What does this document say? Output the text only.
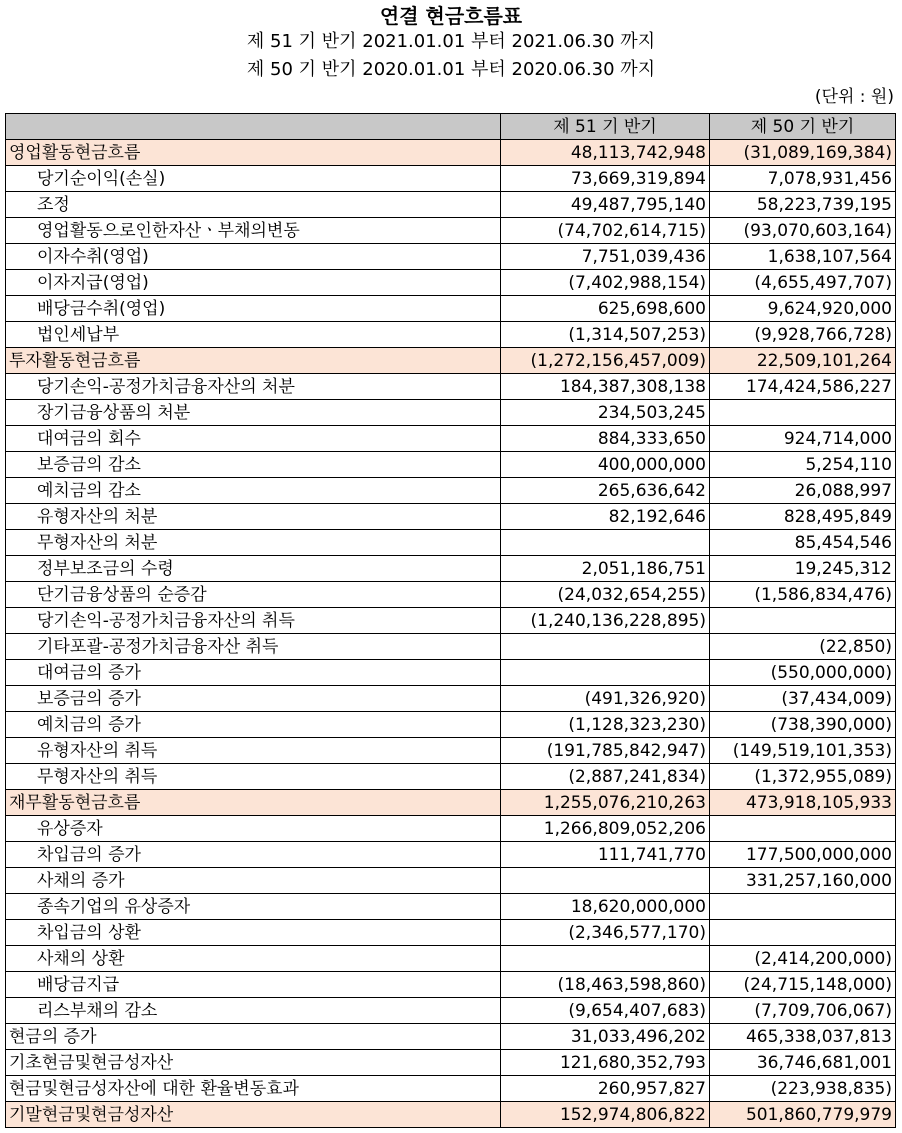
연결 현금흐름표
제 51 기 반기 2021.01.01 부터 2021.06.30 까지
제 50 기 반기 2020.01.01 부터 2020.06.30 까지
(단위 : 원)
	제 51 기 반기	제 50 기 반기
영업활동현금흐름	48,113,742,948	(31,089,169,384)
당기순이익(손실)	73,669,319,894	7,078,931,456
조정	49,487,795,140	58,223,739,195
영업활동으로인한자산ㆍ부채의변동	(74,702,614,715)	(93,070,603,164)
이자수취(영업)	7,751,039,436	1,638,107,564
이자지급(영업)	(7,402,988,154)	(4,655,497,707)
배당금수취(영업)	625,698,600	9,624,920,000
법인세납부	(1,314,507,253)	(9,928,766,728)
투자활동현금흐름	(1,272,156,457,009)	22,509,101,264
당기손익-공정가치금융자산의 처분	184,387,308,138	174,424,586,227
장기금융상품의 처분	234,503,245	
대여금의 회수	884,333,650	924,714,000
보증금의 감소	400,000,000	5,254,110
예치금의 감소	265,636,642	26,088,997
유형자산의 처분	82,192,646	828,495,849
무형자산의 처분		85,454,546
정부보조금의 수령	2,051,186,751	19,245,312
단기금융상품의 순증감	(24,032,654,255)	(1,586,834,476)
당기손익-공정가치금융자산의 취득	(1,240,136,228,895)	
기타포괄-공정가치금융자산 취득		(22,850)
대여금의 증가		(550,000,000)
보증금의 증가	(491,326,920)	(37,434,009)
예치금의 증가	(1,128,323,230)	(738,390,000)
유형자산의 취득	(191,785,842,947)	(149,519,101,353)
무형자산의 취득	(2,887,241,834)	(1,372,955,089)
재무활동현금흐름	1,255,076,210,263	473,918,105,933
유상증자	1,266,809,052,206	
차입금의 증가	111,741,770	177,500,000,000
사채의 증가		331,257,160,000
종속기업의 유상증자	18,620,000,000	
차입금의 상환	(2,346,577,170)	
사채의 상환		(2,414,200,000)
배당금지급	(18,463,598,860)	(24,715,148,000)
리스부채의 감소	(9,654,407,683)	(7,709,706,067)
현금의 증가	31,033,496,202	465,338,037,813
기초현금및현금성자산	121,680,352,793	36,746,681,001
현금및현금성자산에 대한 환율변동효과	260,957,827	(223,938,835)
기말현금및현금성자산	152,974,806,822	501,860,779,979
